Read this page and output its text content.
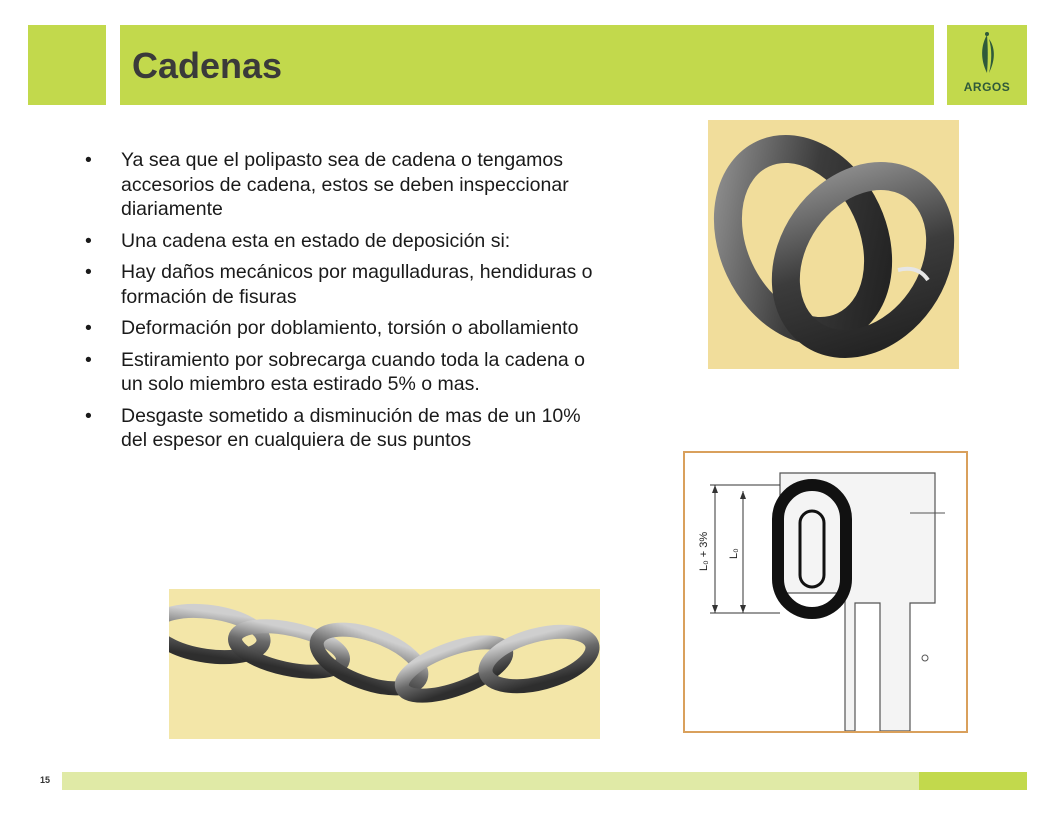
Cadenas
ARGOS
• Ya sea que el polipasto sea de cadena o tengamos accesorios de cadena, estos se deben inspeccionar diariamente
• Una cadena esta en estado de deposición si:
• Hay daños mecánicos por magulladuras, hendiduras o formación de fisuras
• Deformación por doblamiento, torsión o abollamiento
• Estiramiento por sobrecarga cuando toda la cadena o un solo miembro esta estirado 5% o mas.
• Desgaste sometido a disminución de mas de un 10% del espesor en cualquiera de sus puntos
L₀ + 3% L₀
15
